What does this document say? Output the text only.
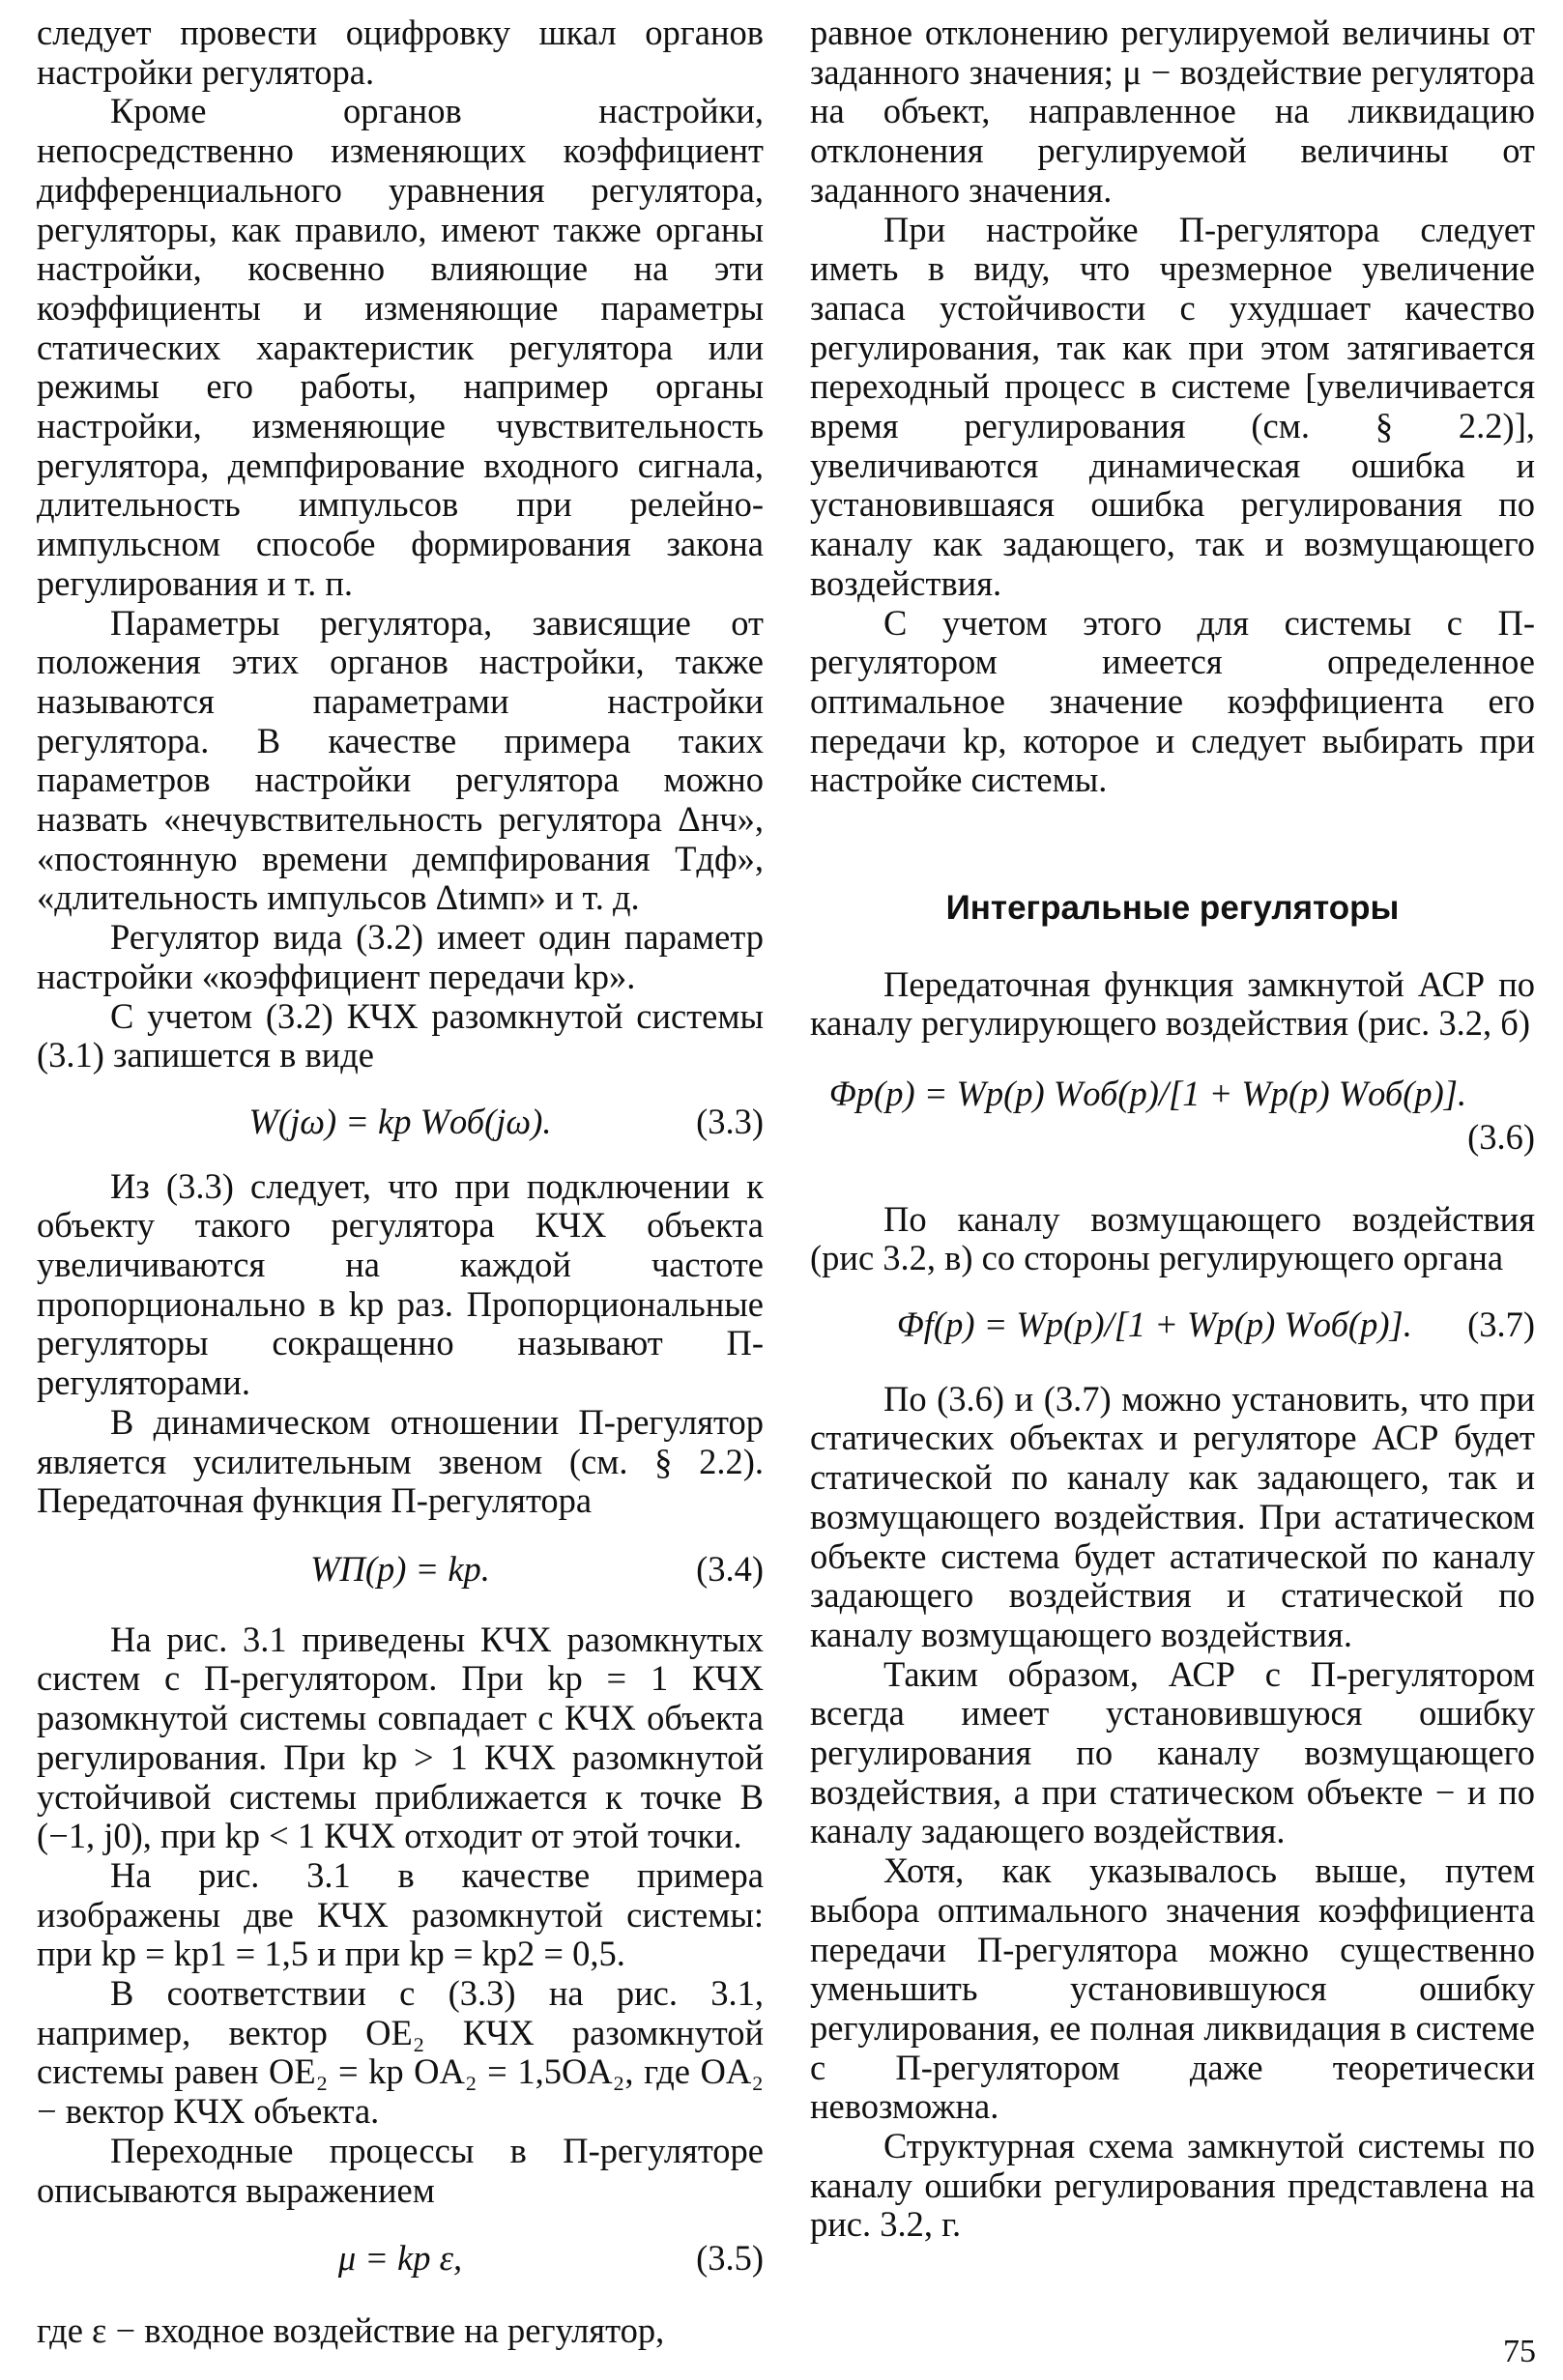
следует провести оцифровку шкал органов настройки регулятора.

Кроме органов настройки, непосредственно изменяющих коэффициент дифференциального уравнения регулятора, регуляторы, как правило, имеют также органы настройки, косвенно влияющие на эти коэффициенты и изменяющие параметры статических характеристик регулятора или режимы его работы, например органы настройки, изменяющие чувствительность регулятора, демпфирование входного сигнала, длительность импульсов при релейно-импульсном способе формирования закона регулирования и т. п.

Параметры регулятора, зависящие от положения этих органов настройки, также называются параметрами настройки регулятора. В качестве примера таких параметров настройки регулятора можно назвать «нечувствительность регулятора Δнч», «постоянную времени демпфирования Tдф», «длительность импульсов Δtимп» и т. д.

Регулятор вида (3.2) имеет один параметр настройки «коэффициент передачи kр».

С учетом (3.2) КЧХ разомкнутой системы (3.1) запишется в виде

W(jω) = kр Wоб(jω).	(3.3)

Из (3.3) следует, что при подключении к объекту такого регулятора КЧХ объекта увеличиваются на каждой частоте пропорционально в kр раз. Пропорциональные регуляторы сокращенно называют П-регуляторами.

В динамическом отношении П-регулятор является усилительным звеном (см. § 2.2). Передаточная функция П-регулятора

WП(p) = kр.	(3.4)

На рис. 3.1 приведены КЧХ разомкнутых систем с П-регулятором. При kр = 1 КЧХ разомкнутой системы совпадает с КЧХ объекта регулирования. При kр > 1 КЧХ разомкнутой устойчивой системы приближается к точке B (−1, j0), при kр < 1 КЧХ отходит от этой точки.

На рис. 3.1 в качестве примера изображены две КЧХ разомкнутой системы: при kр = kр1 = 1,5 и при kр = kр2 = 0,5.

В соответствии с (3.3) на рис. 3.1, например, вектор OE₂ КЧХ разомкнутой системы равен OE₂ = kр OA₂ = 1,5OA₂, где OA₂ − вектор КЧХ объекта.

Переходные процессы в П-регуляторе описываются выражением

μ = kр ε,	(3.5)

где ε − входное воздействие на регулятор,

равное отклонению регулируемой величины от заданного значения; μ − воздействие регулятора на объект, направленное на ликвидацию отклонения регулируемой величины от заданного значения.

При настройке П-регулятора следует иметь в виду, что чрезмерное увеличение запаса устойчивости c ухудшает качество регулирования, так как при этом затягивается переходный процесс в системе [увеличивается время регулирования (см. § 2.2)], увеличиваются динамическая ошибка и установившаяся ошибка регулирования по каналу как задающего, так и возмущающего воздействия.

С учетом этого для системы с П-регулятором имеется определенное оптимальное значение коэффициента его передачи kр, которое и следует выбирать при настройке системы.

Интегральные регуляторы

Передаточная функция замкнутой АСР по каналу регулирующего воздействия (рис. 3.2, б)

Φр(p) = Wр(p) Wоб(p)/[1 + Wр(p) Wоб(p)].
(3.6)

По каналу возмущающего воздействия (рис 3.2, в) со стороны регулирующего органа

Φf(p) = Wр(p)/[1 + Wр(p) Wоб(p)]. (3.7)

По (3.6) и (3.7) можно установить, что при статических объектах и регуляторе АСР будет статической по каналу как задающего, так и возмущающего воздействия. При астатическом объекте система будет астатической по каналу задающего воздействия и статической по каналу возмущающего воздействия.

Таким образом, АСР с П-регулятором всегда имеет установившуюся ошибку регулирования по каналу возмущающего воздействия, а при статическом объекте − и по каналу задающего воздействия.

Хотя, как указывалось выше, путем выбора оптимального значения коэффициента передачи П-регулятора можно существенно уменьшить установившуюся ошибку регулирования, ее полная ликвидация в системе с П-регулятором даже теоретически невозможна.

Структурная схема замкнутой системы по каналу ошибки регулирования представлена на рис. 3.2, г.

75
